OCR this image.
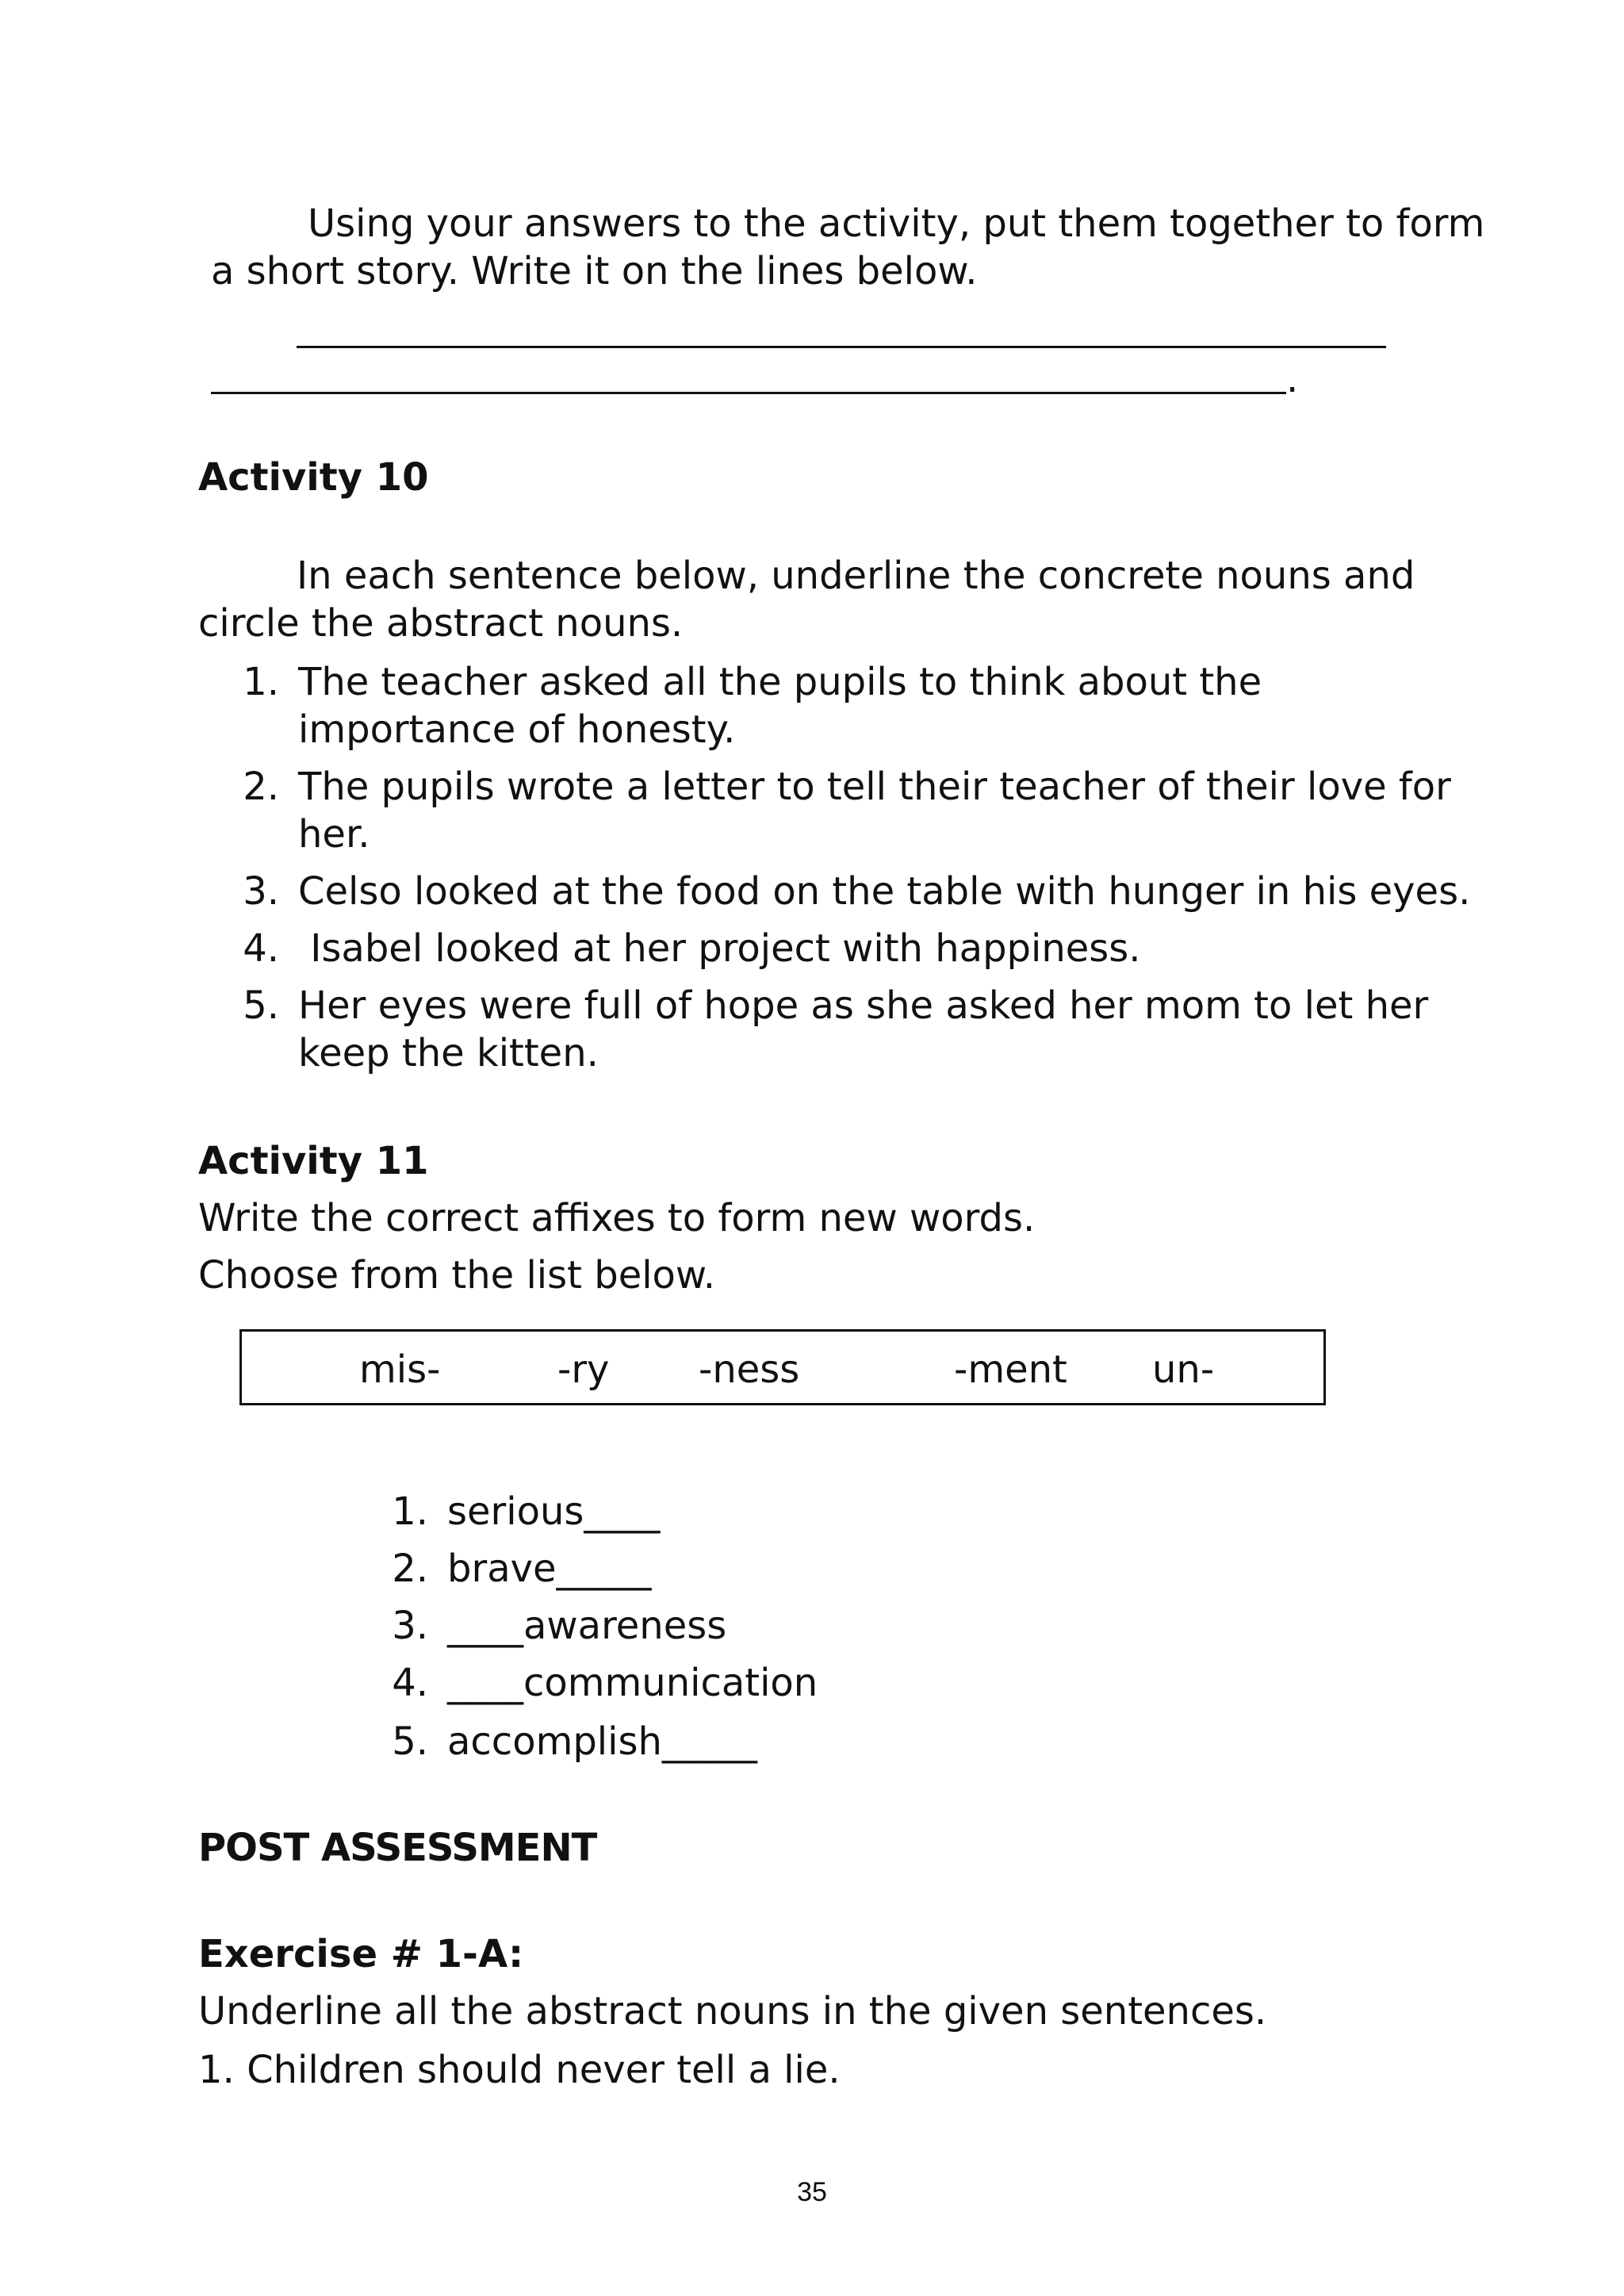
Using your answers to the activity, put them together to form
a short story. Write it on the lines below.
.
Activity 10
In each sentence below, underline the concrete nouns and
circle the abstract nouns.
1. The teacher asked all the pupils to think about the
importance of honesty.
2. The pupils wrote a letter to tell their teacher of their love for
her.
3. Celso looked at the food on the table with hunger in his eyes.
4. Isabel looked at her project with happiness.
5. Her eyes were full of hope as she asked her mom to let her
keep the kitten.
Activity 11
Write the correct affixes to form new words.
Choose from the list below.
mis-	-ry -ness	-ment un-
1. serious____
2. brave_____
3. ____awareness
4. ____communication
5. accomplish_____
POST ASSESSMENT
Exercise # 1-A:
Underline all the abstract nouns in the given sentences.
1. Children should never tell a lie.
35
